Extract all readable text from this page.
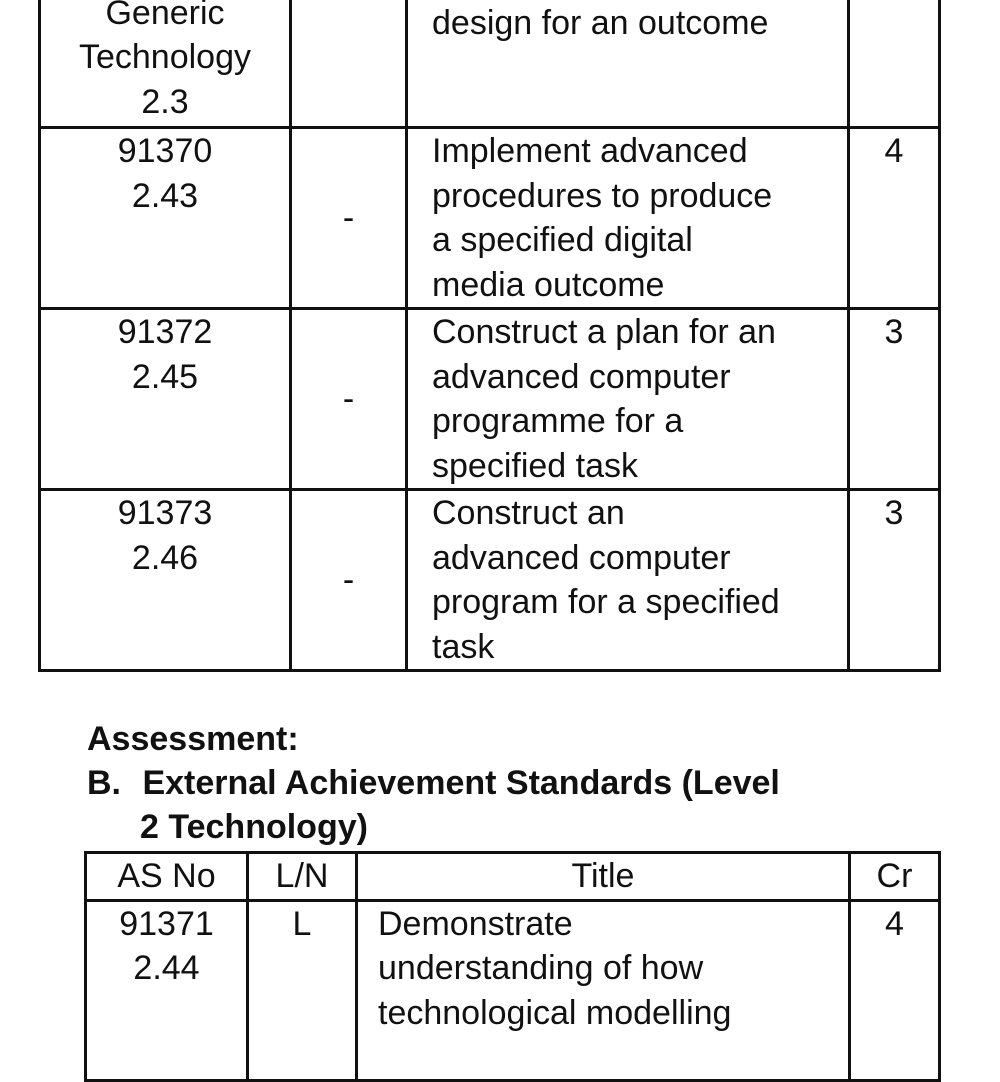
Generic
Technology
2.3		design for an outcome	

91370
2.43	-	Implement advanced
procedures to produce
a specified digital
media outcome	4

91372
2.45	-	Construct a plan for an
advanced computer
programme for a
specified task	3

91373
2.46	-	Construct an
advanced computer
program for a specified
task	3
Assessment:
B. External Achievement Standards (Level
2 Technology)
AS No	L/N	Title	Cr

91371
2.44	L	Demonstrate
understanding of how
technological modelling	4
